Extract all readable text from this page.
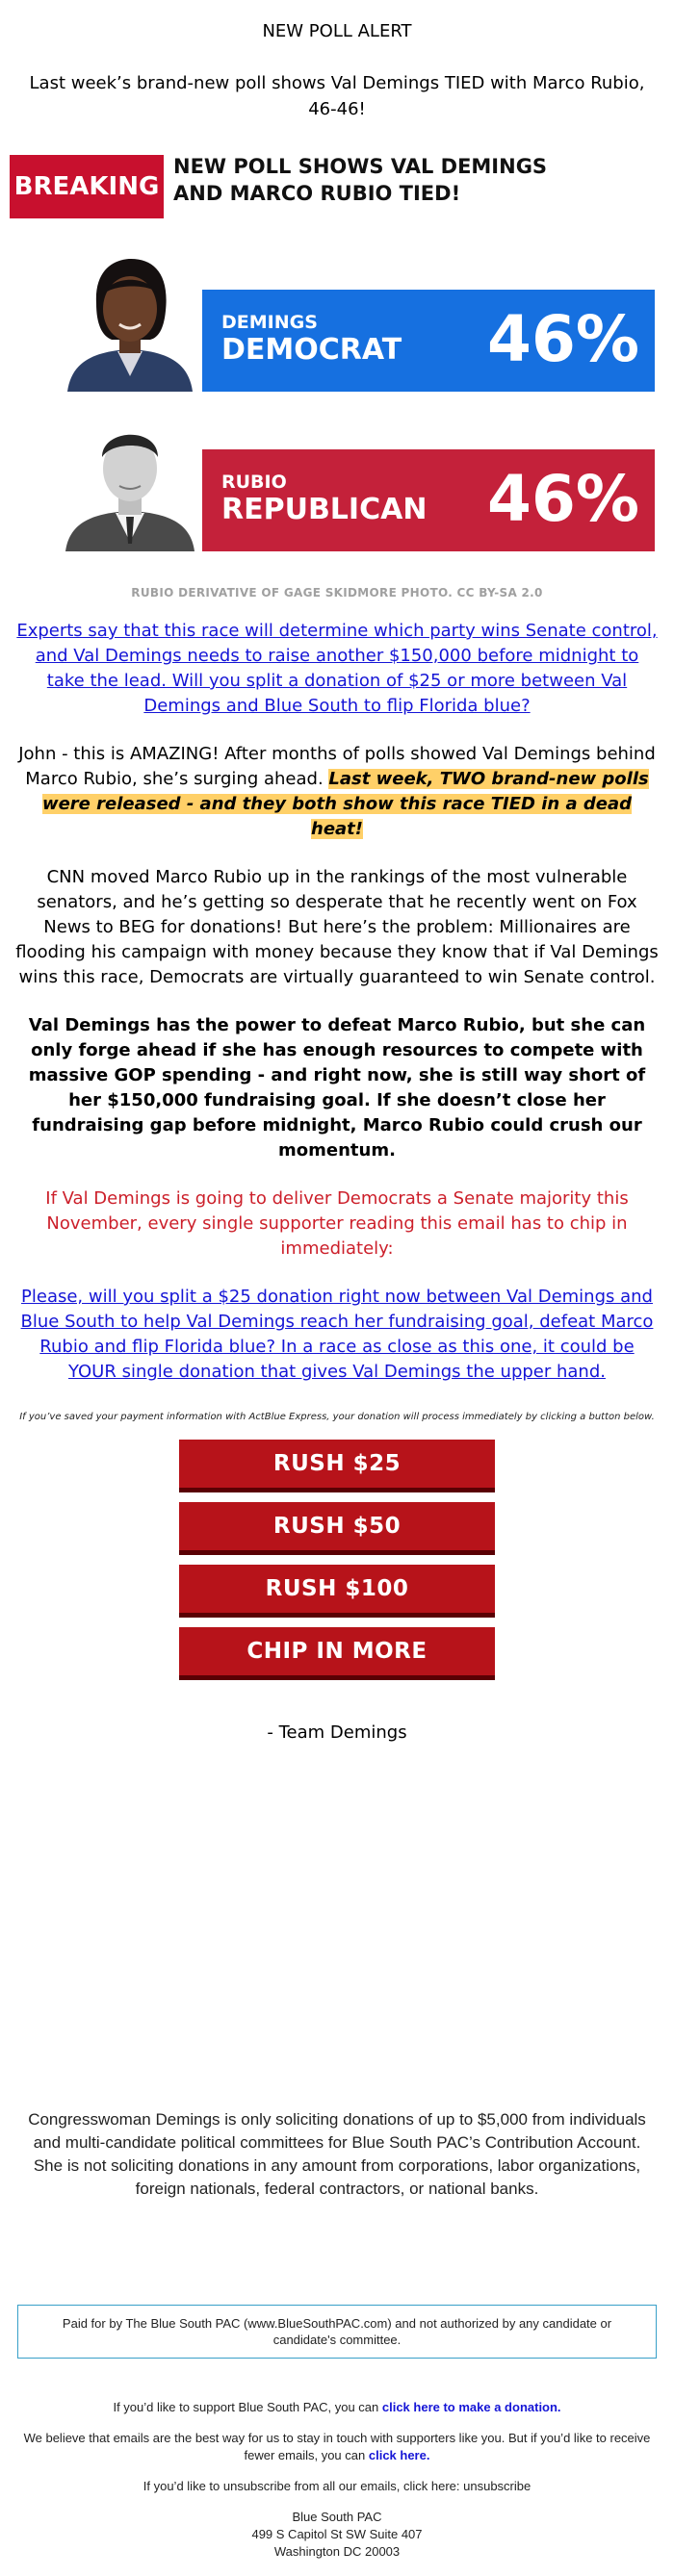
NEW POLL ALERT
Last week’s brand-new poll shows Val Demings TIED with Marco Rubio, 46-46!
BREAKING
NEW POLL SHOWS VAL DEMINGS
AND MARCO RUBIO TIED!
DEMINGS
DEMOCRAT 46%
RUBIO
REPUBLICAN 46%
RUBIO DERIVATIVE OF GAGE SKIDMORE PHOTO. CC BY-SA 2.0
Experts say that this race will determine which party wins Senate control, and Val Demings needs to raise another $150,000 before midnight to take the lead. Will you split a donation of $25 or more between Val Demings and Blue South to flip Florida blue?
John - this is AMAZING! After months of polls showed Val Demings behind Marco Rubio, she’s surging ahead. Last week, TWO brand-new polls were released - and they both show this race TIED in a dead heat!
CNN moved Marco Rubio up in the rankings of the most vulnerable senators, and he’s getting so desperate that he recently went on Fox News to BEG for donations! But here’s the problem: Millionaires are flooding his campaign with money because they know that if Val Demings wins this race, Democrats are virtually guaranteed to win Senate control.
Val Demings has the power to defeat Marco Rubio, but she can only forge ahead if she has enough resources to compete with massive GOP spending - and right now, she is still way short of her $150,000 fundraising goal. If she doesn’t close her fundraising gap before midnight, Marco Rubio could crush our momentum.
If Val Demings is going to deliver Democrats a Senate majority this November, every single supporter reading this email has to chip in immediately:
Please, will you split a $25 donation right now between Val Demings and Blue South to help Val Demings reach her fundraising goal, defeat Marco Rubio and flip Florida blue? In a race as close as this one, it could be YOUR single donation that gives Val Demings the upper hand.
If you’ve saved your payment information with ActBlue Express, your donation will process immediately by clicking a button below.
RUSH $25
RUSH $50
RUSH $100
CHIP IN MORE
- Team Demings
Congresswoman Demings is only soliciting donations of up to $5,000 from individuals and multi-candidate political committees for Blue South PAC’s Contribution Account. She is not soliciting donations in any amount from corporations, labor organizations, foreign nationals, federal contractors, or national banks.
Paid for by The Blue South PAC (www.BlueSouthPAC.com) and not authorized by any candidate or candidate's committee.
If you’d like to support Blue South PAC, you can click here to make a donation.
We believe that emails are the best way for us to stay in touch with supporters like you. But if you’d like to receive fewer emails, you can click here.
If you’d like to unsubscribe from all our emails, click here: unsubscribe
Blue South PAC
499 S Capitol St SW Suite 407
Washington DC 20003
